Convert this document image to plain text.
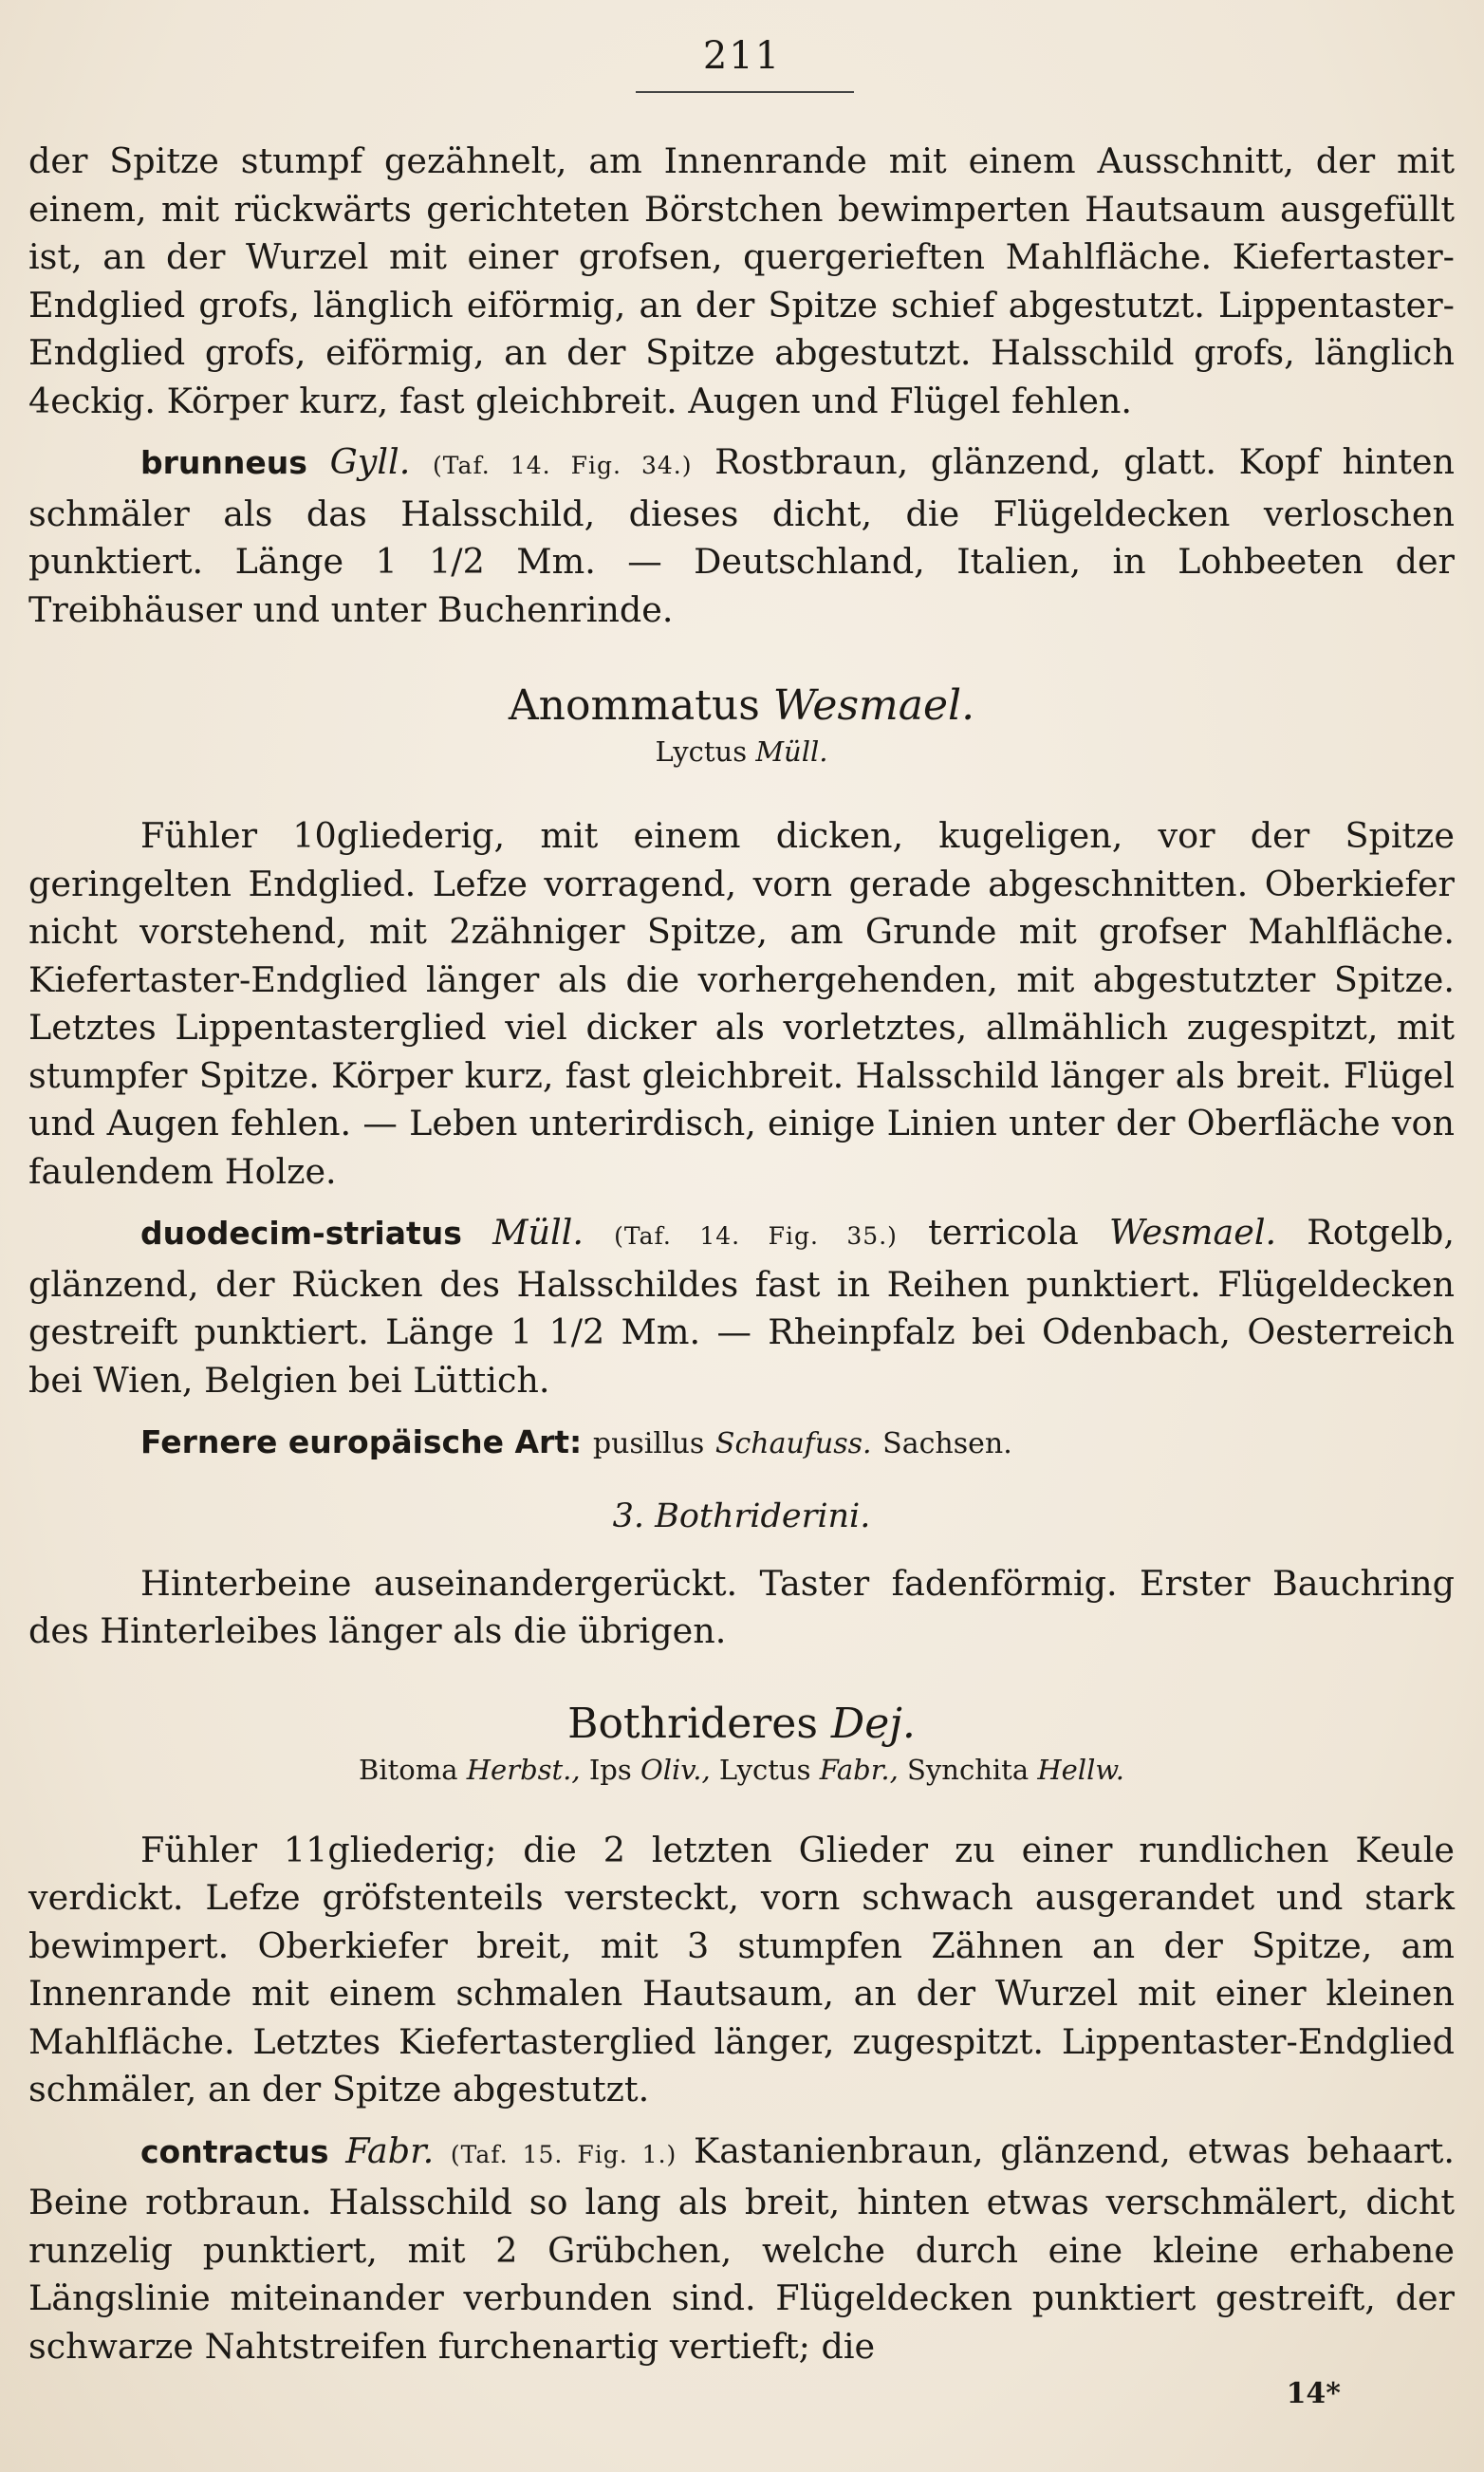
211

der Spitze stumpf gezähnelt, am Innenrande mit einem Ausschnitt, der mit einem, mit rückwärts gerichteten Börstchen bewimperten Hautsaum ausgefüllt ist, an der Wurzel mit einer grofsen, quergerieften Mahlfläche. Kiefertaster-Endglied grofs, länglich eiförmig, an der Spitze schief abgestutzt. Lippentaster-Endglied grofs, eiförmig, an der Spitze abgestutzt. Halsschild grofs, länglich 4eckig. Körper kurz, fast gleichbreit. Augen und Flügel fehlen.

brunneus Gyll. (Taf. 14. Fig. 34.) Rostbraun, glänzend, glatt. Kopf hinten schmäler als das Halsschild, dieses dicht, die Flügeldecken verloschen punktiert. Länge 1 1/2 Mm. — Deutschland, Italien, in Lohbeeten der Treibhäuser und unter Buchenrinde.

Anommatus Wesmael.

Lyctus Müll.

Fühler 10gliederig, mit einem dicken, kugeligen, vor der Spitze geringelten Endglied. Lefze vorragend, vorn gerade abgeschnitten. Oberkiefer nicht vorstehend, mit 2zähniger Spitze, am Grunde mit grofser Mahlfläche. Kiefertaster-Endglied länger als die vorhergehenden, mit abgestutzter Spitze. Letztes Lippentasterglied viel dicker als vorletztes, allmählich zugespitzt, mit stumpfer Spitze. Körper kurz, fast gleichbreit. Halsschild länger als breit. Flügel und Augen fehlen. — Leben unterirdisch, einige Linien unter der Oberfläche von faulendem Holze.

duodecim-striatus Müll. (Taf. 14. Fig. 35.) terricola Wesmael. Rotgelb, glänzend, der Rücken des Halsschildes fast in Reihen punktiert. Flügeldecken gestreift punktiert. Länge 1 1/2 Mm. — Rheinpfalz bei Odenbach, Oesterreich bei Wien, Belgien bei Lüttich.

Fernere europäische Art: pusillus Schaufuss. Sachsen.

3. Bothriderini.

Hinterbeine auseinandergerückt. Taster fadenförmig. Erster Bauchring des Hinterleibes länger als die übrigen.

Bothrideres Dej.

Bitoma Herbst., Ips Oliv., Lyctus Fabr., Synchita Hellw.

Fühler 11gliederig; die 2 letzten Glieder zu einer rundlichen Keule verdickt. Lefze gröfstenteils versteckt, vorn schwach ausgerandet und stark bewimpert. Oberkiefer breit, mit 3 stumpfen Zähnen an der Spitze, am Innenrande mit einem schmalen Hautsaum, an der Wurzel mit einer kleinen Mahlfläche. Letztes Kiefertasterglied länger, zugespitzt. Lippentaster-Endglied schmäler, an der Spitze abgestutzt.

contractus Fabr. (Taf. 15. Fig. 1.) Kastanienbraun, glänzend, etwas behaart. Beine rotbraun. Halsschild so lang als breit, hinten etwas verschmälert, dicht runzelig punktiert, mit 2 Grübchen, welche durch eine kleine erhabene Längslinie miteinander verbunden sind. Flügeldecken punktiert gestreift, der schwarze Nahtstreifen furchenartig vertieft; die

14*
